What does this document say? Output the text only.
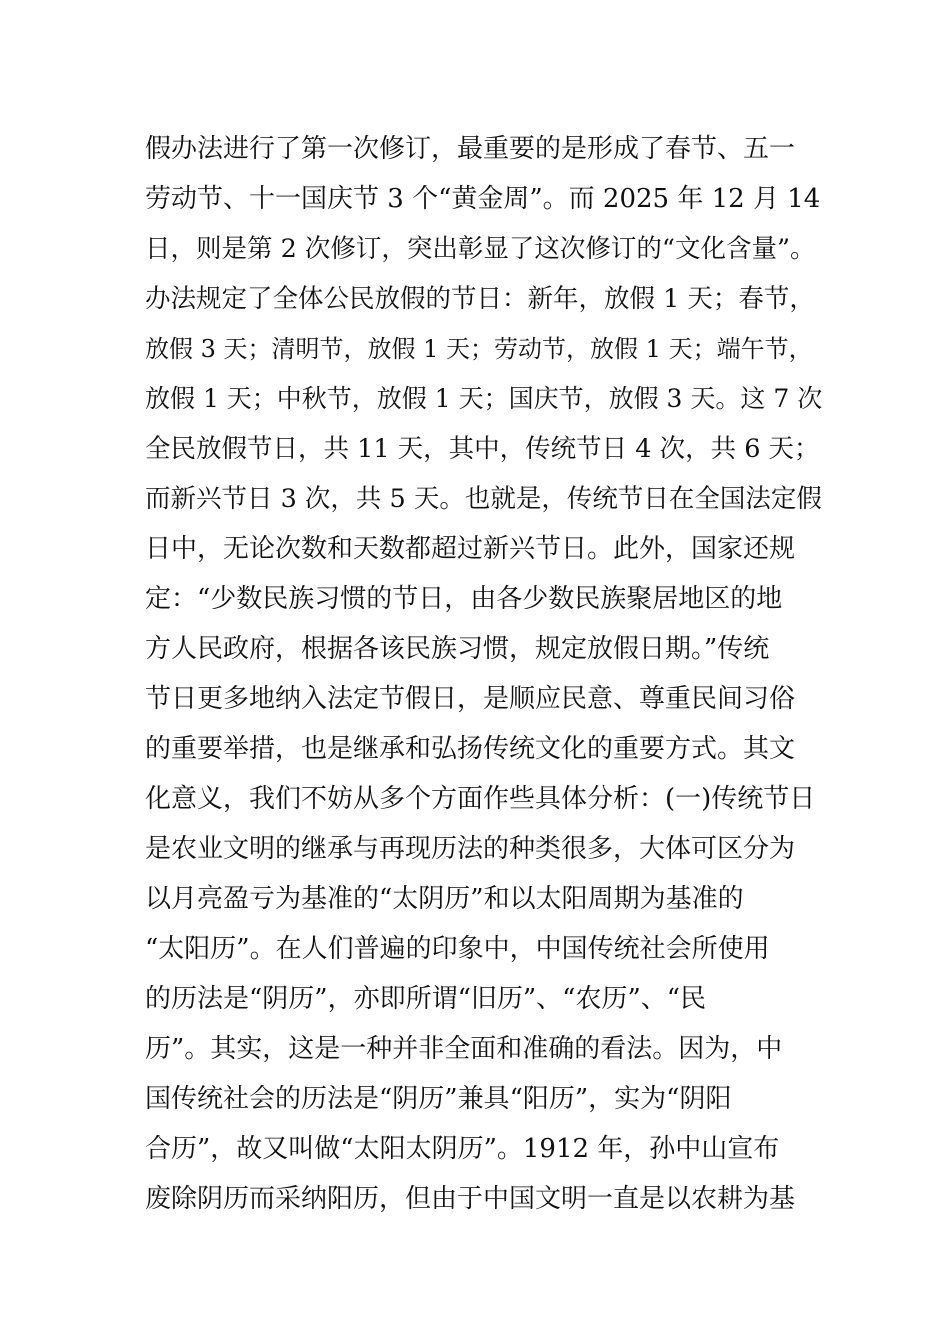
假办法进行了第一次修订，最重要的是形成了春节、五一
劳动节、十一国庆节 3 个“黄金周”。而 2025 年 12 月 14
日，则是第 2 次修订，突出彰显了这次修订的“文化含量”。
办法规定了全体公民放假的节日：新年，放假 1 天；春节，
放假 3 天；清明节，放假 1 天；劳动节，放假 1 天；端午节，
放假 1 天；中秋节，放假 1 天；国庆节，放假 3 天。这 7 次
全民放假节日，共 11 天，其中，传统节日 4 次，共 6 天；
而新兴节日 3 次，共 5 天。也就是，传统节日在全国法定假
日中，无论次数和天数都超过新兴节日。此外，国家还规
定：“少数民族习惯的节日，由各少数民族聚居地区的地
方人民政府，根据各该民族习惯，规定放假日期。”传统
节日更多地纳入法定节假日，是顺应民意、尊重民间习俗
的重要举措，也是继承和弘扬传统文化的重要方式。其文
化意义，我们不妨从多个方面作些具体分析：(一)传统节日
是农业文明的继承与再现历法的种类很多，大体可区分为
以月亮盈亏为基准的“太阴历”和以太阳周期为基准的
“太阳历”。在人们普遍的印象中，中国传统社会所使用
的历法是“阴历”，亦即所谓“旧历”、“农历”、“民
历”。其实，这是一种并非全面和准确的看法。因为，中
国传统社会的历法是“阴历”兼具“阳历”，实为“阴阳
合历”，故又叫做“太阳太阴历”。1912 年，孙中山宣布
废除阴历而采纳阳历，但由于中国文明一直是以农耕为基
